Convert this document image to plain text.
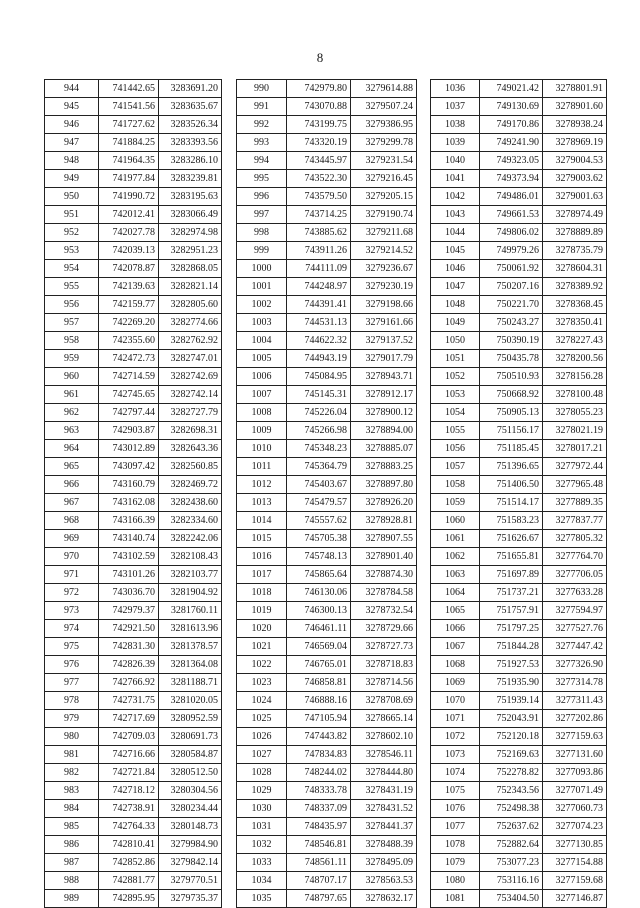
8
944	741442.65	3283691.20
945	741541.56	3283635.67
946	741727.62	3283526.34
947	741884.25	3283393.56
948	741964.35	3283286.10
949	741977.84	3283239.81
950	741990.72	3283195.63
951	742012.41	3283066.49
952	742027.78	3282974.98
953	742039.13	3282951.23
954	742078.87	3282868.05
955	742139.63	3282821.14
956	742159.77	3282805.60
957	742269.20	3282774.66
958	742355.60	3282762.92
959	742472.73	3282747.01
960	742714.59	3282742.69
961	742745.65	3282742.14
962	742797.44	3282727.79
963	742903.87	3282698.31
964	743012.89	3282643.36
965	743097.42	3282560.85
966	743160.79	3282469.72
967	743162.08	3282438.60
968	743166.39	3282334.60
969	743140.74	3282242.06
970	743102.59	3282108.43
971	743101.26	3282103.77
972	743036.70	3281904.92
973	742979.37	3281760.11
974	742921.50	3281613.96
975	742831.30	3281378.57
976	742826.39	3281364.08
977	742766.92	3281188.71
978	742731.75	3281020.05
979	742717.69	3280952.59
980	742709.03	3280691.73
981	742716.66	3280584.87
982	742721.84	3280512.50
983	742718.12	3280304.56
984	742738.91	3280234.44
985	742764.33	3280148.73
986	742810.41	3279984.90
987	742852.86	3279842.14
988	742881.77	3279770.51
989	742895.95	3279735.37
990	742979.80	3279614.88
991	743070.88	3279507.24
992	743199.75	3279386.95
993	743320.19	3279299.78
994	743445.97	3279231.54
995	743522.30	3279216.45
996	743579.50	3279205.15
997	743714.25	3279190.74
998	743885.62	3279211.68
999	743911.26	3279214.52
1000	744111.09	3279236.67
1001	744248.97	3279230.19
1002	744391.41	3279198.66
1003	744531.13	3279161.66
1004	744622.32	3279137.52
1005	744943.19	3279017.79
1006	745084.95	3278943.71
1007	745145.31	3278912.17
1008	745226.04	3278900.12
1009	745266.98	3278894.00
1010	745348.23	3278885.07
1011	745364.79	3278883.25
1012	745403.67	3278897.80
1013	745479.57	3278926.20
1014	745557.62	3278928.81
1015	745705.38	3278907.55
1016	745748.13	3278901.40
1017	745865.64	3278874.30
1018	746130.06	3278784.58
1019	746300.13	3278732.54
1020	746461.11	3278729.66
1021	746569.04	3278727.73
1022	746765.01	3278718.83
1023	746858.81	3278714.56
1024	746888.16	3278708.69
1025	747105.94	3278665.14
1026	747443.82	3278602.10
1027	747834.83	3278546.11
1028	748244.02	3278444.80
1029	748333.78	3278431.19
1030	748337.09	3278431.52
1031	748435.97	3278441.37
1032	748546.81	3278488.39
1033	748561.11	3278495.09
1034	748707.17	3278563.53
1035	748797.65	3278632.17
1036	749021.42	3278801.91
1037	749130.69	3278901.60
1038	749170.86	3278938.24
1039	749241.90	3278969.19
1040	749323.05	3279004.53
1041	749373.94	3279003.62
1042	749486.01	3279001.63
1043	749661.53	3278974.49
1044	749806.02	3278889.89
1045	749979.26	3278735.79
1046	750061.92	3278604.31
1047	750207.16	3278389.92
1048	750221.70	3278368.45
1049	750243.27	3278350.41
1050	750390.19	3278227.43
1051	750435.78	3278200.56
1052	750510.93	3278156.28
1053	750668.92	3278100.48
1054	750905.13	3278055.23
1055	751156.17	3278021.19
1056	751185.45	3278017.21
1057	751396.65	3277972.44
1058	751406.50	3277965.48
1059	751514.17	3277889.35
1060	751583.23	3277837.77
1061	751626.67	3277805.32
1062	751655.81	3277764.70
1063	751697.89	3277706.05
1064	751737.21	3277633.28
1065	751757.91	3277594.97
1066	751797.25	3277527.76
1067	751844.28	3277447.42
1068	751927.53	3277326.90
1069	751935.90	3277314.78
1070	751939.14	3277311.43
1071	752043.91	3277202.86
1072	752120.18	3277159.63
1073	752169.63	3277131.60
1074	752278.82	3277093.86
1075	752343.56	3277071.49
1076	752498.38	3277060.73
1077	752637.62	3277074.23
1078	752882.64	3277130.85
1079	753077.23	3277154.88
1080	753116.16	3277159.68
1081	753404.50	3277146.87
